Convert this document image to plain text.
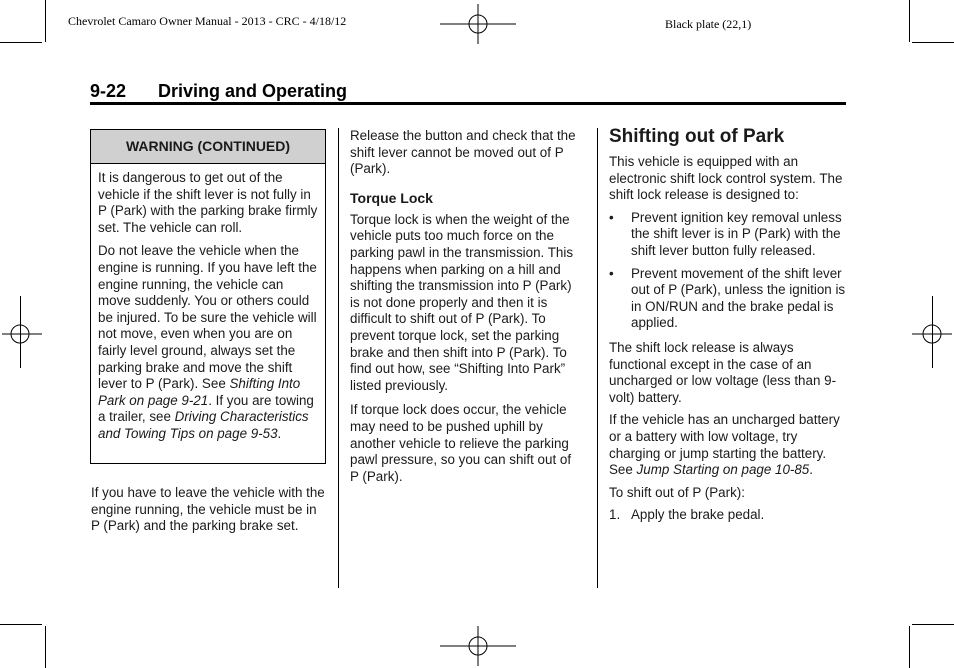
Chevrolet Camaro Owner Manual - 2013 - CRC - 4/18/12	Black plate (22,1)
9-22 Driving and Operating
WARNING (CONTINUED)

It is dangerous to get out of the vehicle if the shift lever is not fully in P (Park) with the parking brake firmly set. The vehicle can roll.

Do not leave the vehicle when the engine is running. If you have left the engine running, the vehicle can move suddenly. You or others could be injured. To be sure the vehicle will not move, even when you are on fairly level ground, always set the parking brake and move the shift lever to P (Park). See Shifting Into Park on page 9-21. If you are towing a trailer, see Driving Characteristics and Towing Tips on page 9-53.

If you have to leave the vehicle with the engine running, the vehicle must be in P (Park) and the parking brake set.

Release the button and check that the shift lever cannot be moved out of P (Park).

Torque Lock

Torque lock is when the weight of the vehicle puts too much force on the parking pawl in the transmission. This happens when parking on a hill and shifting the transmission into P (Park) is not done properly and then it is difficult to shift out of P (Park). To prevent torque lock, set the parking brake and then shift into P (Park). To find out how, see “Shifting Into Park” listed previously.

If torque lock does occur, the vehicle may need to be pushed uphill by another vehicle to relieve the parking pawl pressure, so you can shift out of P (Park).

Shifting out of Park

This vehicle is equipped with an electronic shift lock control system. The shift lock release is designed to:

• Prevent ignition key removal unless the shift lever is in P (Park) with the shift lever button fully released.
• Prevent movement of the shift lever out of P (Park), unless the ignition is in ON/RUN and the brake pedal is applied.

The shift lock release is always functional except in the case of an uncharged or low voltage (less than 9-volt) battery.

If the vehicle has an uncharged battery or a battery with low voltage, try charging or jump starting the battery. See Jump Starting on page 10-85.

To shift out of P (Park):

1. Apply the brake pedal.
